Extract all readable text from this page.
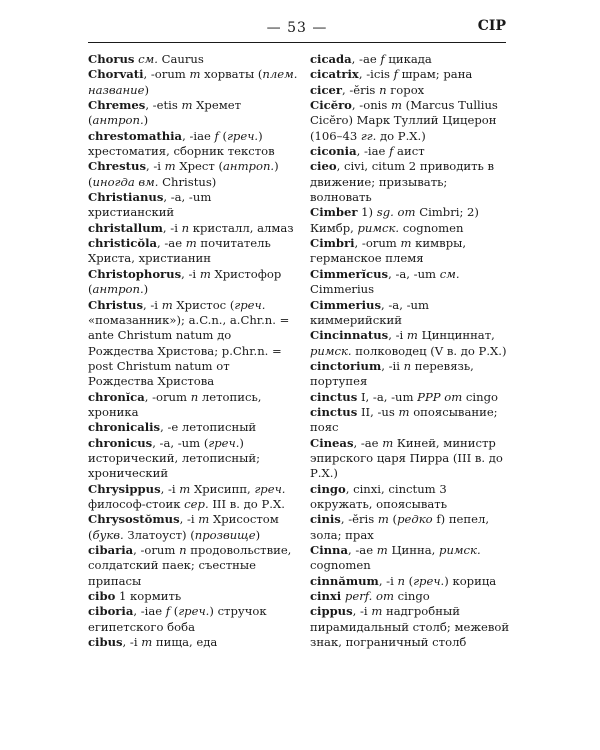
— 53 —	CIP

Chorus см. Caurus

Chorvati, -orum m хорваты (плем. название)

Chremes, -etis m Хремет (антроп.)

chrestomathia, -iae f (греч.) хрестоматия, сборник текстов

Chrestus, -i m Хрест (антроп.) (иногда вм. Christus)

Christianus, -a, -um христианский

christallum, -i n кристалл, алмаз

christicŏla, -ae m почитатель Христа, христианин

Christophorus, -i m Христофор (антроп.)

Christus, -i m Христос (греч. «помазанник»); a.C.n., a.Chr.n. = ante Christum natum до Рождества Христова; p.Chr.n. = post Christum natum от Рождества Христова

chronĭca, -orum n летопись, хроника

chronicalis, -e летописный

chronicus, -a, -um (греч.) исторический, летописный; хронический

Chrysippus, -i m Хрисипп, греч. философ-стоик сер. III в. до Р.Х.

Chrysostŏmus, -i m Хрисостом (букв. Златоуст) (прозвище)

cibaria, -orum n продовольствие, солдатский паек; съестные припасы

cibo 1 кормить

ciboria, -iae f (греч.) стручок египетского боба

cibus, -i m пища, еда

cicada, -ae f цикада

cicatrix, -icis f шрам; рана

cicer, -ĕris n горох

Cicĕro, -onis m (Marcus Tullius Cicĕro) Марк Туллий Цицерон (106–43 гг. до Р.Х.)

ciconia, -iae f аист

cieo, civi, citum 2 приводить в движение; призывать; волновать

Cimber 1) sg. от Cimbri; 2) Кимбр, римск. cognomen

Cimbri, -orum m кимвры, германское племя

Cimmerĭcus, -a, -um см. Cimmerius

Cimmerius, -a, -um киммерийский

Cincinnatus, -i m Цинциннат, римск. полководец (V в. до Р.Х.)

cinctorium, -ii n перевязь, портупея

cinctus I, -a, -um PPP от cingo

cinctus II, -us m опоясывание; пояс

Cineas, -ae m Киней, министр эпирского царя Пирра (III в. до Р.Х.)

cingo, cinxi, cinctum 3 окружать, опоясывать

cinis, -ĕris m (редко f) пепел, зола; прах

Cinna, -ae m Цинна, римск. cognomen

cinnămum, -i n (греч.) корица

cinxi perf. от cingo

cippus, -i m надгробный пирамидальный столб; межевой знак, пограничный столб
